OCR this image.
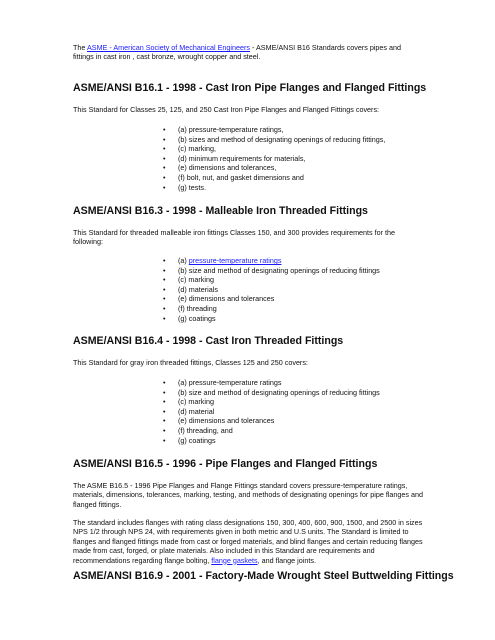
The ASME - American Society of Mechanical Engineers - ASME/ANSI B16 Standards covers pipes and fittings in cast iron , cast bronze, wrought copper and steel.
ASME/ANSI B16.1 - 1998 - Cast Iron Pipe Flanges and Flanged Fittings
This Standard for Classes 25, 125, and 250 Cast Iron Pipe Flanges and Flanged Fittings covers:
• (a) pressure-temperature ratings,
• (b) sizes and method of designating openings of reducing fittings,
• (c) marking,
• (d) minimum requirements for materials,
• (e) dimensions and tolerances,
• (f) bolt, nut, and gasket dimensions and
• (g) tests.
ASME/ANSI B16.3 - 1998 - Malleable Iron Threaded Fittings
This Standard for threaded malleable iron fittings Classes 150, and 300 provides requirements for the following:
• (a) pressure-temperature ratings
• (b) size and method of designating openings of reducing fittings
• (c) marking
• (d) materials
• (e) dimensions and tolerances
• (f) threading
• (g) coatings
ASME/ANSI B16.4 - 1998 - Cast Iron Threaded Fittings
This Standard for gray iron threaded fittings, Classes 125 and 250 covers:
• (a) pressure-temperature ratings
• (b) size and method of designating openings of reducing fittings
• (c) marking
• (d) material
• (e) dimensions and tolerances
• (f) threading, and
• (g) coatings
ASME/ANSI B16.5 - 1996 - Pipe Flanges and Flanged Fittings
The ASME B16.5 - 1996 Pipe Flanges and Flange Fittings standard covers pressure-temperature ratings, materials, dimensions, tolerances, marking, testing, and methods of designating openings for pipe flanges and flanged fittings.
The standard includes flanges with rating class designations 150, 300, 400, 600, 900, 1500, and 2500 in sizes NPS 1/2 through NPS 24, with requirements given in both metric and U.S units. The Standard is limited to flanges and flanged fittings made from cast or forged materials, and blind flanges and certain reducing flanges made from cast, forged, or plate materials. Also included in this Standard are requirements and recommendations regarding flange bolting, flange gaskets, and flange joints.
ASME/ANSI B16.9 - 2001 - Factory-Made Wrought Steel Buttwelding Fittings
